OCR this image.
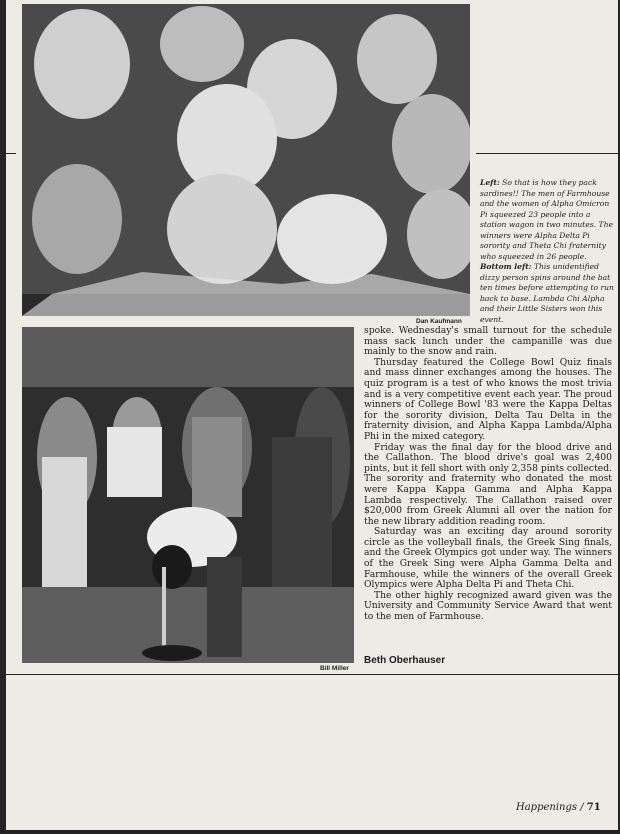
Dan Kaufmann
Left: So that is how they pack sardines!! The men of Farmhouse and the women of Alpha Omicron Pi squeezed 23 people into a station wagon in two minutes. The winners were Alpha Delta Pi sorority and Theta Chi fraternity who squeezed in 26 people. Bottom left: This unidentified dizzy person spins around the bat ten times before attempting to run back to base. Lambda Chi Alpha and their Little Sisters won this event.
Bill Miller

spoke. Wednesday's small turnout for the schedule mass sack lunch under the campanille was due mainly to the snow and rain.

Thursday featured the College Bowl Quiz finals and mass dinner exchanges among the houses. The quiz program is a test of who knows the most trivia and is a very competitive event each year. The proud winners of College Bowl '83 were the Kappa Deltas for the sorority division, Delta Tau Delta in the fraternity division, and Alpha Kappa Lambda/Alpha Phi in the mixed category.

Friday was the final day for the blood drive and the Callathon. The blood drive's goal was 2,400 pints, but it fell short with only 2,358 pints collected. The sorority and fraternity who donated the most were Kappa Kappa Gamma and Alpha Kappa Lambda respectively. The Callathon raised over $20,000 from Greek Alumni all over the nation for the new library addition reading room.

Saturday was an exciting day around sorority circle as the volleyball finals, the Greek Sing finals, and the Greek Olympics got under way. The winners of the Greek Sing were Alpha Gamma Delta and Farmhouse, while the winners of the overall Greek Olympics were Alpha Delta Pi and Theta Chi.

The other highly recognized award given was the University and Community Service Award that went to the men of Farmhouse.

Beth Oberhauser
Happenings / 71
